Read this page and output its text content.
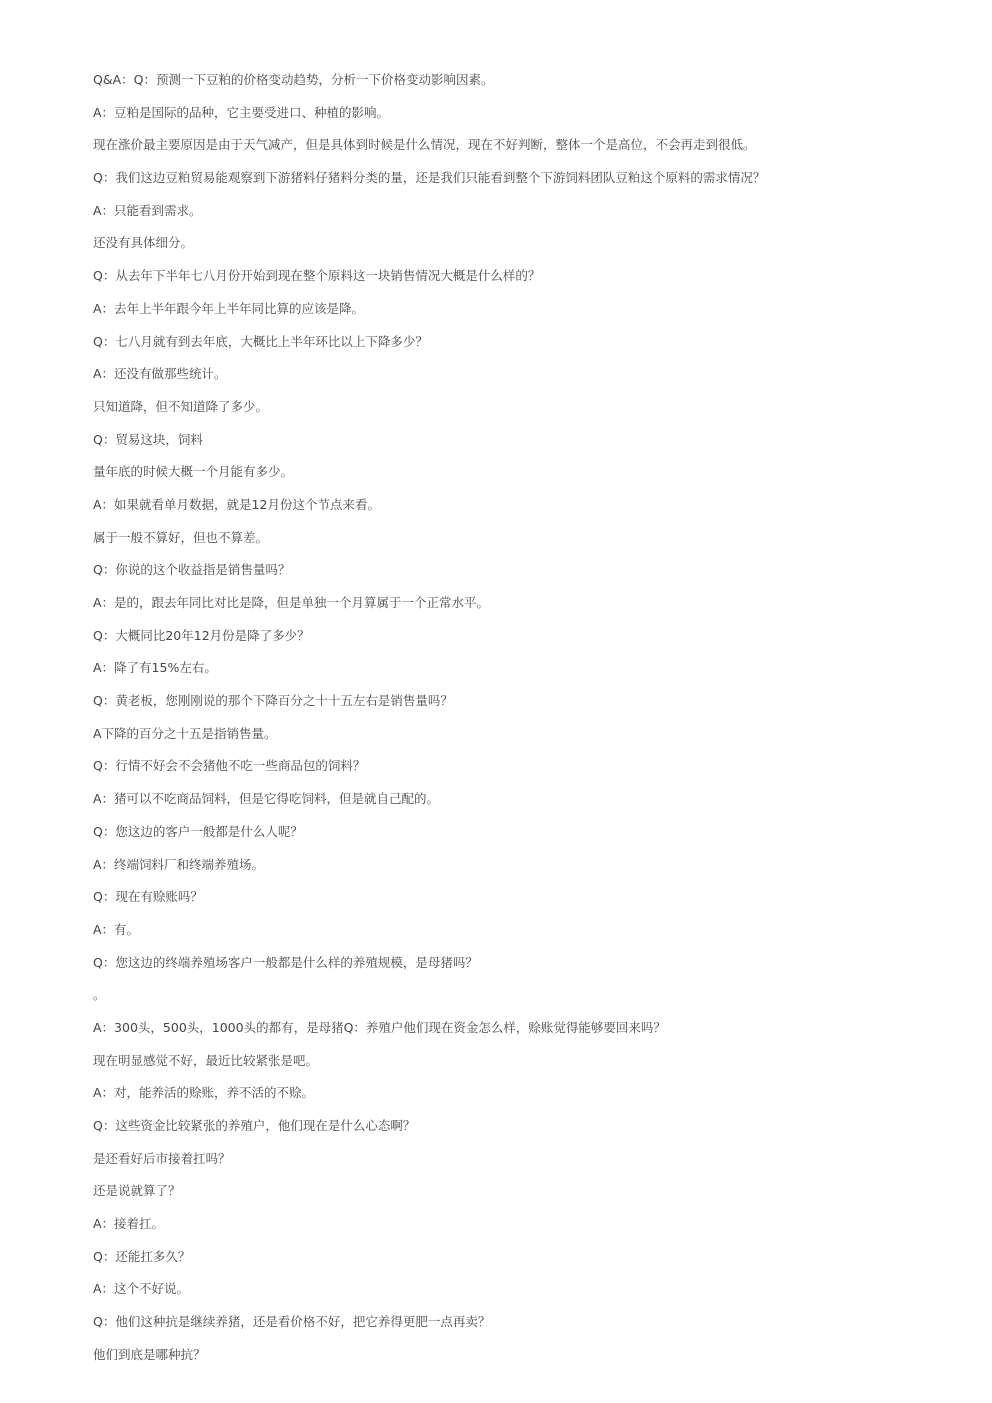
Q&A：Q：预测一下豆粕的价格变动趋势，分析一下价格变动影响因素。
A：豆粕是国际的品种，它主要受进口、种植的影响。
现在涨价最主要原因是由于天气减产，但是具体到时候是什么情况，现在不好判断，整体一个是高位，不会再走到很低。
Q：我们这边豆粕贸易能观察到下游猪料仔猪料分类的量，还是我们只能看到整个下游饲料团队豆粕这个原料的需求情况？
A：只能看到需求。
还没有具体细分。
Q：从去年下半年七八月份开始到现在整个原料这一块销售情况大概是什么样的？
A：去年上半年跟今年上半年同比算的应该是降。
Q：七八月就有到去年底，大概比上半年环比以上下降多少？
A：还没有做那些统计。
只知道降，但不知道降了多少。
Q：贸易这块，饲料
量年底的时候大概一个月能有多少。
A：如果就看单月数据，就是12月份这个节点来看。
属于一般不算好，但也不算差。
Q：你说的这个收益指是销售量吗？
A：是的，跟去年同比对比是降，但是单独一个月算属于一个正常水平。
Q：大概同比20年12月份是降了多少？
A：降了有15%左右。
Q：黄老板，您刚刚说的那个下降百分之十十五左右是销售量吗？
A下降的百分之十五是指销售量。
Q：行情不好会不会猪他不吃一些商品包的饲料？
A：猪可以不吃商品饲料，但是它得吃饲料，但是就自己配的。
Q：您这边的客户一般都是什么人呢？
A：终端饲料厂和终端养殖场。
Q：现在有赊账吗？
A：有。
Q：您这边的终端养殖场客户一般都是什么样的养殖规模，是母猪吗？
。
A：300头，500头，1000头的都有，是母猪Q：养殖户他们现在资金怎么样，赊账觉得能够要回来吗？
现在明显感觉不好，最近比较紧张是吧。
A：对，能养活的赊账，养不活的不赊。
Q：这些资金比较紧张的养殖户，他们现在是什么心态啊？
是还看好后市接着扛吗？
还是说就算了？
A：接着扛。
Q：还能扛多久？
A：这个不好说。
Q：他们这种抗是继续养猪，还是看价格不好，把它养得更肥一点再卖？
他们到底是哪种抗？
